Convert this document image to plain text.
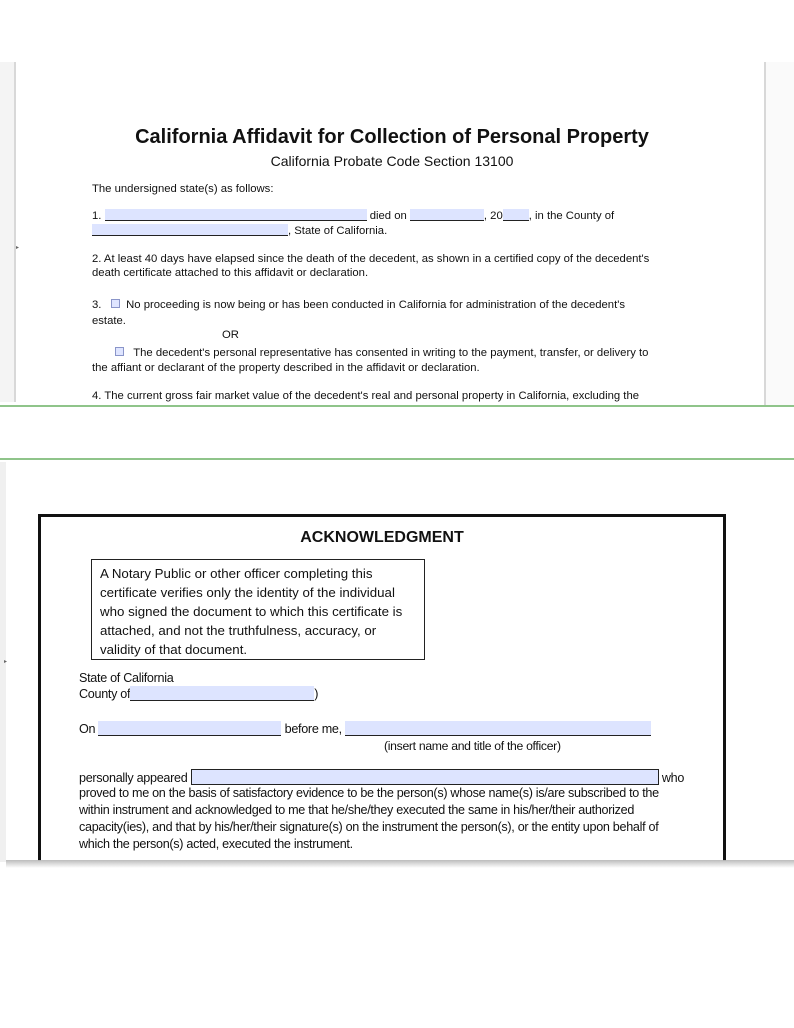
▸
California Affidavit for Collection of Personal Property
California Probate Code Section 13100
The undersigned state(s) as follows:
1.	died on	, 20 , in the County of
, State of California.
2. At least 40 days have elapsed since the death of the decedent, as shown in a certified copy of the decedent's
death certificate attached to this affidavit or declaration.
3. No proceeding is now being or has been conducted in California for administration of the decedent's
estate.
OR
The decedent's personal representative has consented in writing to the payment, transfer, or delivery to
the affiant or declarant of the property described in the affidavit or declaration.
4. The current gross fair market value of the decedent's real and personal property in California, excluding the
▸
ACKNOWLEDGMENT
A Notary Public or other officer completing this
certificate verifies only the identity of the individual
who signed the document to which this certificate is
attached, and not the truthfulness, accuracy, or
validity of that document.
State of California
County of	)
On	before me,
(insert name and title of the officer)
personally appeared	who
proved to me on the basis of satisfactory evidence to be the person(s) whose name(s) is/are subscribed to the
within instrument and acknowledged to me that he/she/they executed the same in his/her/their authorized
capacity(ies), and that by his/her/their signature(s) on the instrument the person(s), or the entity upon behalf of
which the person(s) acted, executed the instrument.
